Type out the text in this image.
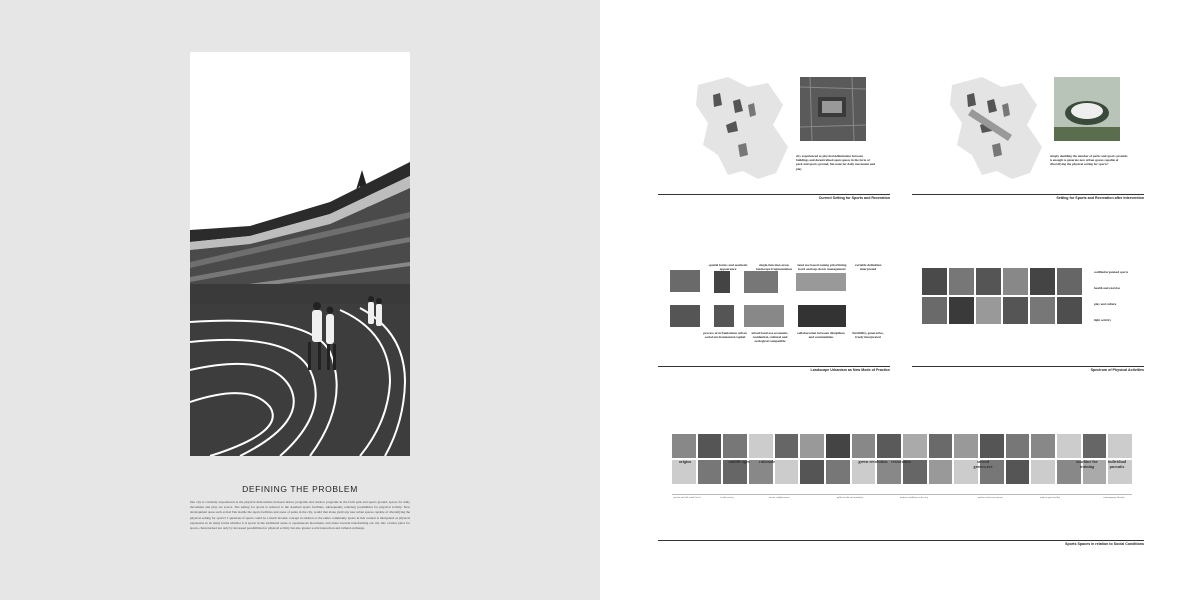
DEFINING THE PROBLEM
Our city is currently experienced as the physical dichotomies between indoor programs and outdoor programs in the form park and sports ground, spaces for daily movement and play are scarce. The setting for sports is reduced to the standard sports facilities, subsequently reducing possibilities for physical activity. New development areas such as Kai Tak double the sports facilities and areas of parks in the city, would that alone yield any new urban spaces capable of diversifying the physical setting for sports? I questions if sports could be a much broader concept in relation to the entire community sports in this context is interpreted as physical expression in its many forms whether it is sports in the traditional sense or spontaneous movement, and alone towards transforming our city into a better place for sports, characterised not only by increased possibilities for physical activity but also greater social interaction and cultural exchange.
city experienced as physical delimitation between buildings and decentralised open spaces in the form of park and sports ground, but none for daily movement and play
Current Setting for Sports and Recreation
simply doubling the number of parks and sports grounds is enough to generate new urban spaces capable of diversifying the physical setting for sports?
Setting for Sports and Recreation after Intervention
spatial forms and aesthetic appearance
single-function areas landscape fragmentation
land use based zoning prioritizing hard and top-down management
variable definition interpreted
process of urbanization urban social environmental capital
mixed land use economic, residential, cultural and ecological compatible
collaboration between disciplines and communities
flexibility, generative, freely interpreted
Landscape Urbanism as New Mode of Practice
codified/organised sports
health and exercise
play and culture
light activity
Spectrum of Physical Activities
origins	middle ages	rationale	green revolution restoration	second greenwave
machine for training
individual pursuits
ancient and old world Greek	feudal society	ascetic enlightenment	public health and sanitation	modern conditions of the city	modern social movements	modern sport facility	contemporary lifestyle
Sports Spaces in relation to Social Conditions
